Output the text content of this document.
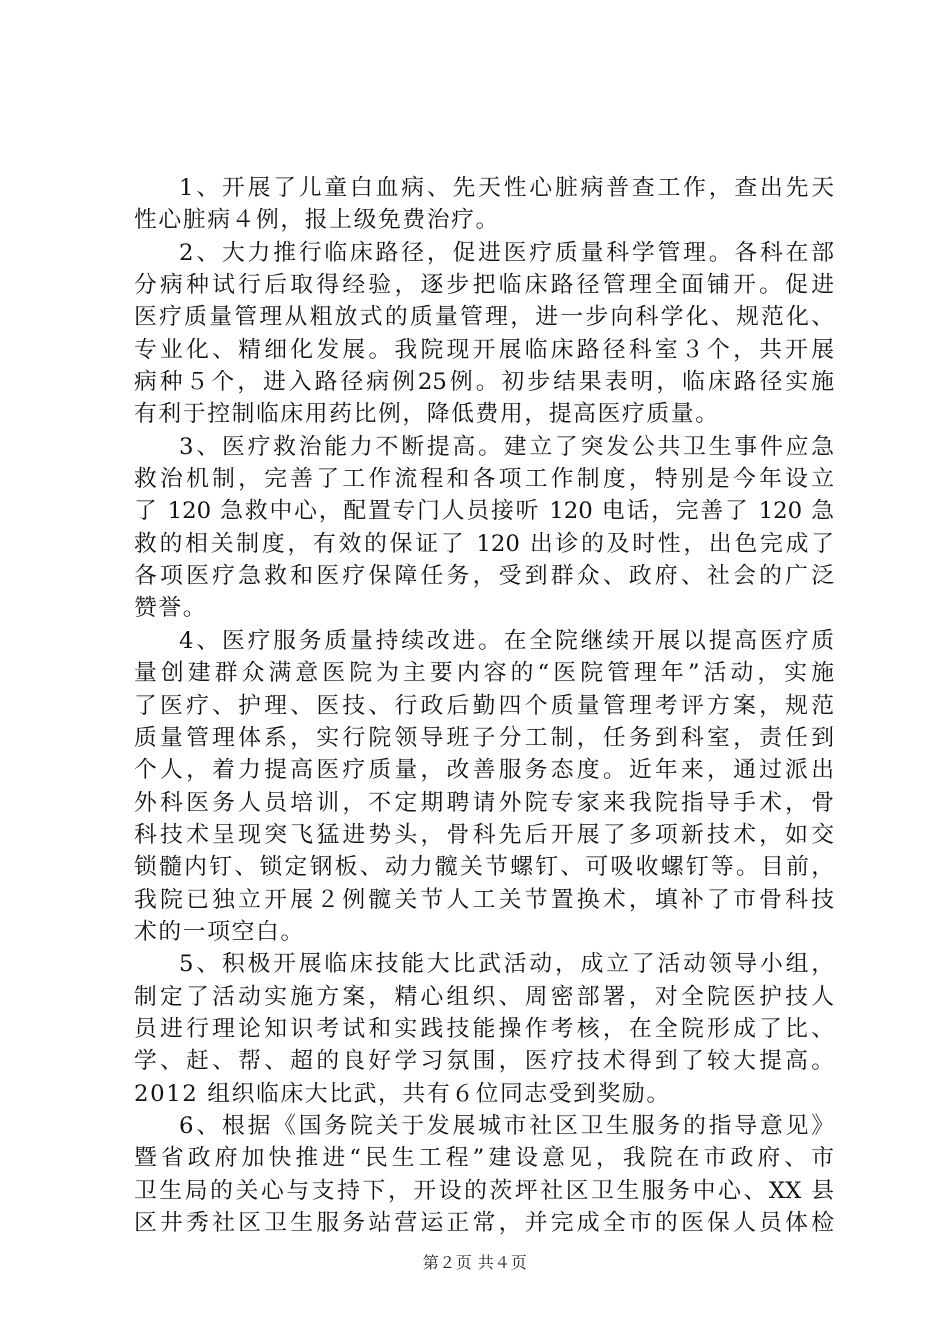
1、开展了儿童白血病、先天性心脏病普查工作，查出先天
性心脏病４例，报上级免费治疗。
2、大力推行临床路径，促进医疗质量科学管理。各科在部
分病种试行后取得经验，逐步把临床路径管理全面铺开。促进
医疗质量管理从粗放式的质量管理，进一步向科学化、规范化、
专业化、精细化发展。我院现开展临床路径科室３个，共开展
病种５个，进入路径病例25例。初步结果表明，临床路径实施
有利于控制临床用药比例，降低费用，提高医疗质量。
3、医疗救治能力不断提高。建立了突发公共卫生事件应急
救治机制，完善了工作流程和各项工作制度，特别是今年设立
了 120 急救中心，配置专门人员接听 120 电话，完善了 120 急
救的相关制度，有效的保证了 120 出诊的及时性，出色完成了
各项医疗急救和医疗保障任务，受到群众、政府、社会的广泛
赞誉。
4、医疗服务质量持续改进。在全院继续开展以提高医疗质
量创建群众满意医院为主要内容的“医院管理年”活动，实施
了医疗、护理、医技、行政后勤四个质量管理考评方案，规范
质量管理体系，实行院领导班子分工制，任务到科室，责任到
个人，着力提高医疗质量，改善服务态度。近年来，通过派出
外科医务人员培训，不定期聘请外院专家来我院指导手术，骨
科技术呈现突飞猛进势头，骨科先后开展了多项新技术，如交
锁髓内钉、锁定钢板、动力髋关节螺钉、可吸收螺钉等。目前，
我院已独立开展２例髋关节人工关节置换术，填补了市骨科技
术的一项空白。
5、积极开展临床技能大比武活动，成立了活动领导小组，
制定了活动实施方案，精心组织、周密部署，对全院医护技人
员进行理论知识考试和实践技能操作考核，在全院形成了比、
学、赶、帮、超的良好学习氛围，医疗技术得到了较大提高。
2012 组织临床大比武，共有６位同志受到奖励。
6、根据《国务院关于发展城市社区卫生服务的指导意见》
暨省政府加快推进“民生工程”建设意见，我院在市政府、市
卫生局的关心与支持下，开设的茨坪社区卫生服务中心、XX 县
区井秀社区卫生服务站营运正常，并完成全市的医保人员体检
第２页 共４页
